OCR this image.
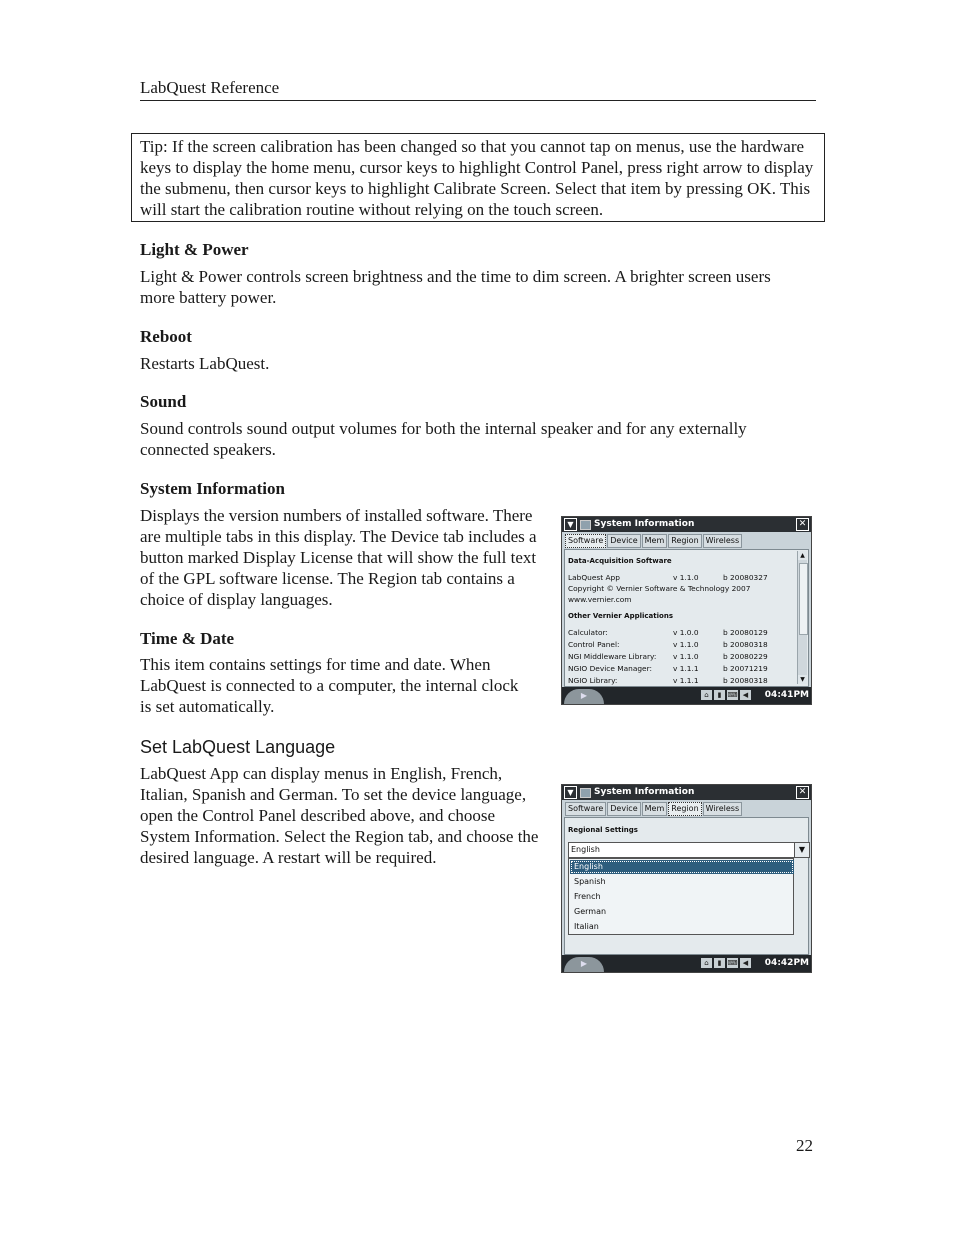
LabQuest Reference
Tip: If the screen calibration has been changed so that you cannot tap on menus, use the hardware keys to display the home menu, cursor keys to highlight Control Panel, press right arrow to display the submenu, then cursor keys to highlight Calibrate Screen. Select that item by pressing OK. This will start the calibration routine without relying on the touch screen.
Light & Power
Light & Power controls screen brightness and the time to dim screen. A brighter screen users more battery power.
Reboot
Restarts LabQuest.
Sound
Sound controls sound output volumes for both the internal speaker and for any externally connected speakers.
System Information
Displays the version numbers of installed software. There are multiple tabs in this display. The Device tab includes a button marked Display License that will show the full text of the GPL software license. The Region tab contains a choice of display languages.
Time & Date
This item contains settings for time and date. When LabQuest is connected to a computer, the internal clock is set automatically.
Set LabQuest Language
LabQuest App can display menus in English, French, Italian, Spanish and German. To set the device language, open the Control Panel described above, and choose System Information. Select the Region tab, and choose the desired language. A restart will be required.
▼	System Information	✕
Software Device Mem Region Wireless
Data-Acquisition Software
LabQuest App	v 1.1.0	b 20080327
Copyright © Vernier Software & Technology 2007
www.vernier.com
Other Vernier Applications
Calculator:	v 1.0.0	b 20080129
Control Panel:	v 1.1.0	b 20080318
NGI Middleware Library: v 1.1.0	b 20080229
NGIO Device Manager:	v 1.1.1	b 20071219
NGIO Library:	v 1.1.1	b 20080318
▲
▼
▶	⌂	▮ ⌨ ◀	04:41PM
▼	System Information	✕
Software Device Mem Region Wireless
Regional Settings
English	▼
English
Spanish
French
German
Italian
▶	⌂	▮ ⌨ ◀	04:42PM
22
